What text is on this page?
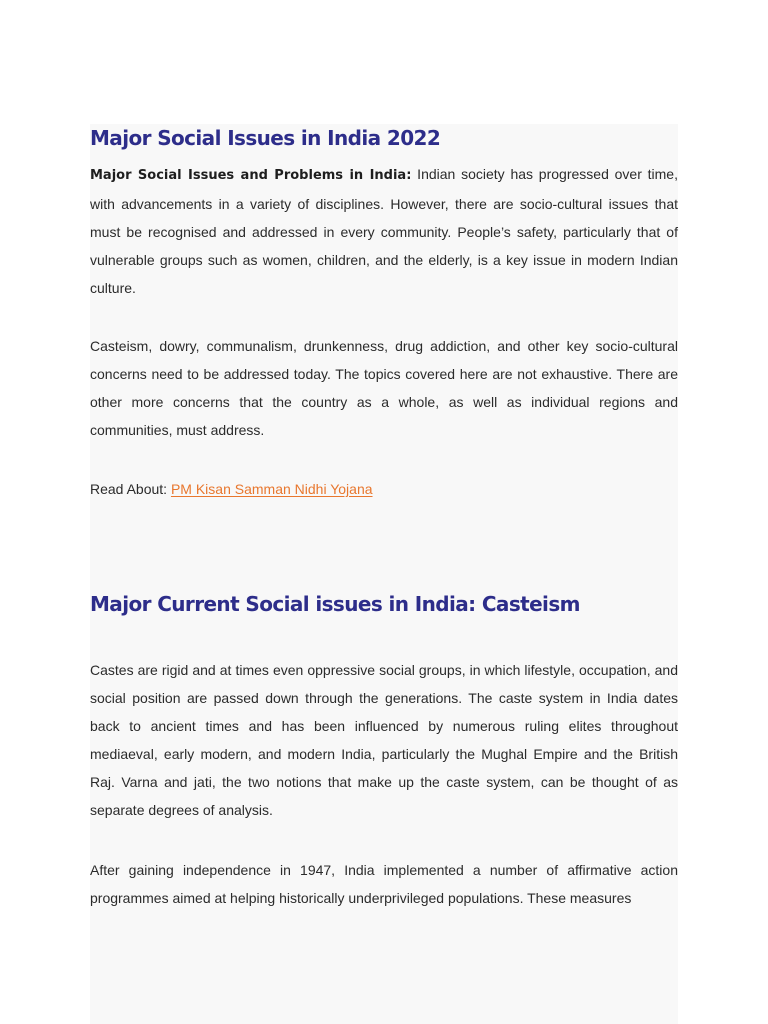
Major Social Issues in India 2022

Major Social Issues and Problems in India: Indian society has progressed over time, with advancements in a variety of disciplines. However, there are socio-cultural issues that must be recognised and addressed in every community. People’s safety, particularly that of vulnerable groups such as women, children, and the elderly, is a key issue in modern Indian culture.

Casteism, dowry, communalism, drunkenness, drug addiction, and other key socio-cultural concerns need to be addressed today. The topics covered here are not exhaustive. There are other more concerns that the country as a whole, as well as individual regions and communities, must address.

Read About: PM Kisan Samman Nidhi Yojana

Major Current Social issues in India: Casteism

Castes are rigid and at times even oppressive social groups, in which lifestyle, occupation, and social position are passed down through the generations. The caste system in India dates back to ancient times and has been influenced by numerous ruling elites throughout mediaeval, early modern, and modern India, particularly the Mughal Empire and the British Raj. Varna and jati, the two notions that make up the caste system, can be thought of as separate degrees of analysis.

After gaining independence in 1947, India implemented a number of affirmative action programmes aimed at helping historically underprivileged populations. These measures
